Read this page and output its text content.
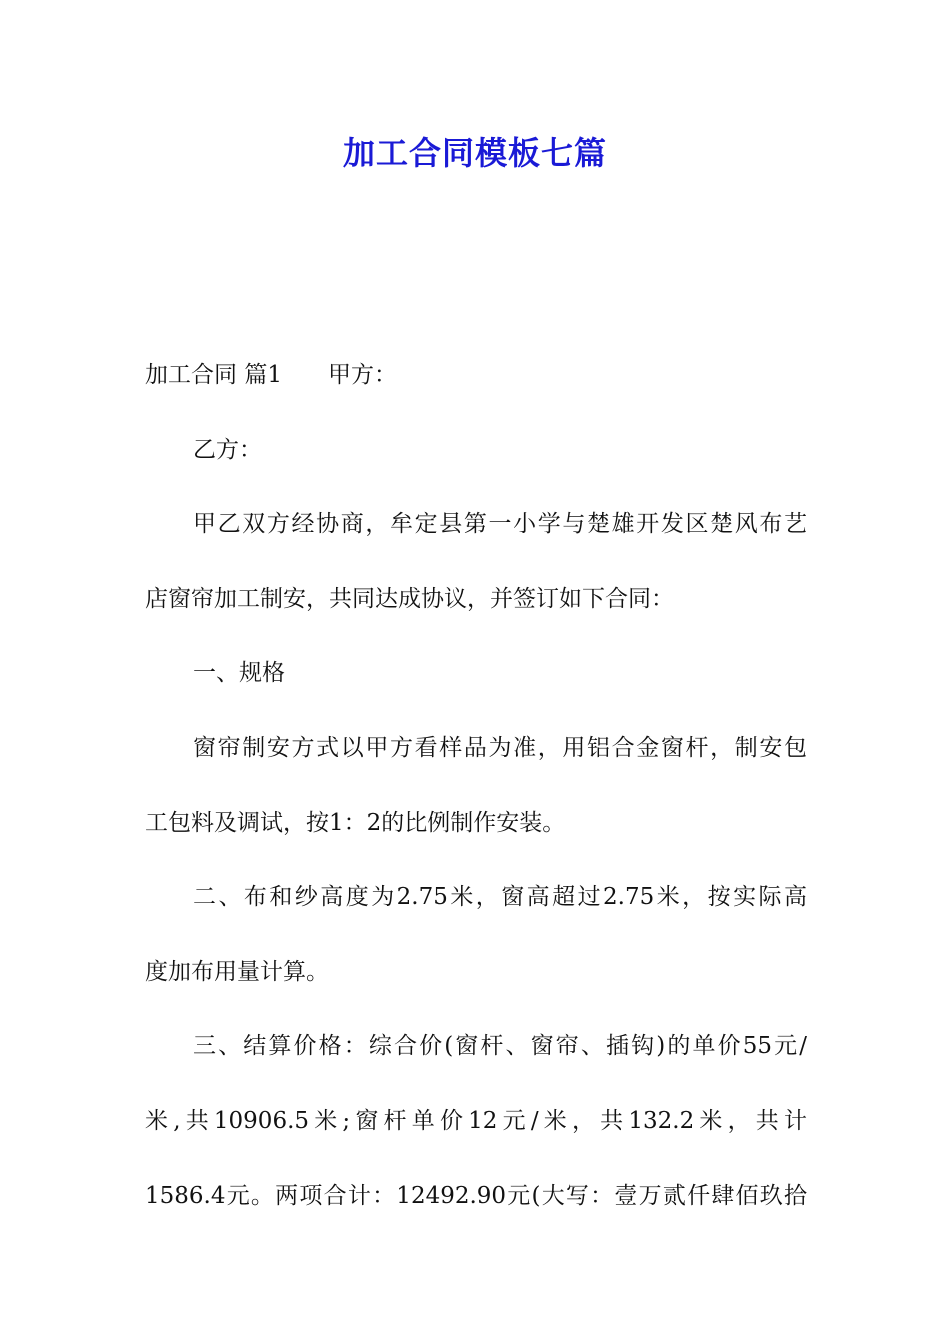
加工合同模板七篇
加工合同 篇1 甲方：
乙方：
甲乙双方经协商，牟定县第一小学与楚雄开发区楚风布艺
店窗帘加工制安，共同达成协议，并签订如下合同：
一、规格
窗帘制安方式以甲方看样品为准，用铝合金窗杆，制安包
工包料及调试，按1：2的比例制作安装。
二、布和纱高度为2.75米，窗高超过2.75米，按实际高
度加布用量计算。
三、结算价格：综合价(窗杆、窗帘、插钩)的单价55元/
米,共10906.5米;窗杆单价12元/米，共132.2米，共计
1586.4元。两项合计：12492.90元(大写：壹万贰仟肆佰玖拾
